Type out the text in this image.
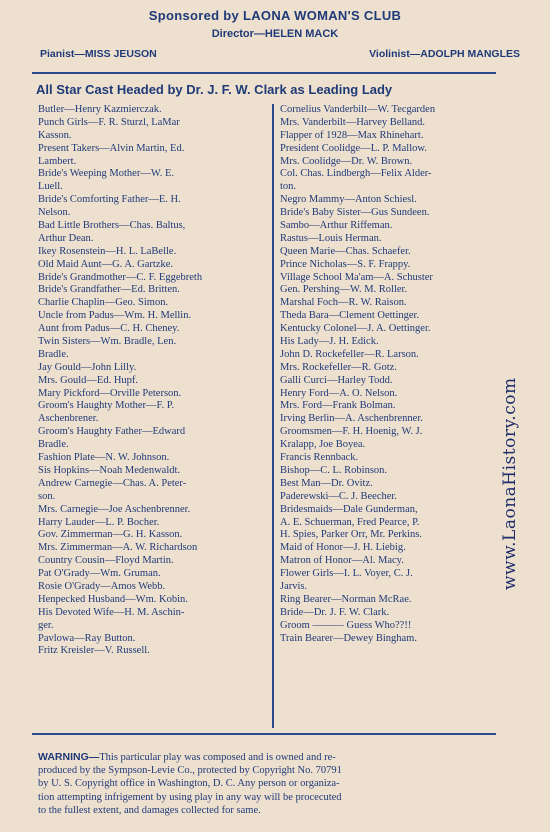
Sponsored by LAONA WOMAN'S CLUB
Director—HELEN MACK
Pianist—MISS JEUSON	Violinist—ADOLPH MANGLES
All Star Cast Headed by Dr. J. F. W. Clark as Leading Lady
Butler—Henry Kazmierczak.
Punch Girls—F. R. Sturzl, LaMar
Kasson.
Present Takers—Alvin Martin, Ed.
Lambert.
Bride's Weeping Mother—W. E.
Luell.
Bride's Comforting Father—E. H.
Nelson.
Bad Little Brothers—Chas. Baltus,
Arthur Dean.
Ikey Rosenstein—H. L. LaBelle.
Old Maid Aunt—G. A. Gartzke.
Bride's Grandmother—C. F. Eggebreth
Bride's Grandfather—Ed. Britten.
Charlie Chaplin—Geo. Simon.
Uncle from Padus—Wm. H. Mellin.
Aunt from Padus—C. H. Cheney.
Twin Sisters—Wm. Bradle, Len.
Bradle.
Jay Gould—John Lilly.
Mrs. Gould—Ed. Hupf.
Mary Pickford—Orville Peterson.
Groom's Haughty Mother—F. P.
Aschenbrener.
Groom's Haughty Father—Edward
Bradle.
Fashion Plate—N. W. Johnson.
Sis Hopkins—Noah Medenwaldt.
Andrew Carnegie—Chas. A. Peter-
son.
Mrs. Carnegie—Joe Aschenbrenner.
Harry Lauder—L. P. Bocher.
Gov. Zimmerman—G. H. Kasson.
Mrs. Zimmerman—A. W. Richardson
Country Cousin—Floyd Martin.
Pat O'Grady—Wm. Gruman.
Rosie O'Grady—Amos Webb.
Henpecked Husband—Wm. Kobin.
His Devoted Wife—H. M. Aschin-
ger.
Pavlowa—Ray Button.
Fritz Kreisler—V. Russell.
Cornelius Vanderbilt—W. Tecgarden
Mrs. Vanderbilt—Harvey Belland.
Flapper of 1928—Max Rhinehart.
President Coolidge—L. P. Mallow.
Mrs. Coolidge—Dr. W. Brown.
Col. Chas. Lindbergh—Felix Alder-
ton.
Negro Mammy—Anton Schiesl.
Bride's Baby Sister—Gus Sundeen.
Sambo—Arthur Riffeman.
Rastus—Louis Herman.
Queen Marie—Chas. Schaefer.
Prince Nicholas—S. F. Frappy.
Village School Ma'am—A. Schuster
Gen. Pershing—W. M. Roller.
Marshal Foch—R. W. Raison.
Theda Bara—Clement Oettinger.
Kentucky Colonel—J. A. Oettinger.
His Lady—J. H. Edick.
John D. Rockefeller—R. Larson.
Mrs. Rockefeller—R. Gotz.
Galli Curci—Harley Todd.
Henry Ford—A. O. Nelson.
Mrs. Ford—Frank Bolman.
Irving Berlin—A. Aschenbrenner.
Groomsmen—F. H. Hoenig, W. J.
Kralapp, Joe Boyea.
Francis Rennback.
Bishop—C. L. Robinson.
Best Man—Dr. Ovitz.
Paderewski—C. J. Beecher.
Bridesmaids—Dale Gunderman,
A. E. Schuerman, Fred Pearce, P.
H. Spies, Parker Orr, Mr. Perkins.
Maid of Honor—J. H. Liebig.
Matron of Honor—Al. Macy.
Flower Girls—I. L. Voyer, C. J.
Jarvis.
Ring Bearer—Norman McRae.
Bride—Dr. J. F. W. Clark.
Groom ——— Guess Who??!!
Train Bearer—Dewey Bingham.
WARNING—This particular play was composed and is owned and re-
produced by the Sympson-Levie Co., protected by Copyright No. 70791
by U. S. Copyright office in Washington, D. C. Any person or organiza-
tion attempting infrigement by using play in any way will be procecuted
to the fullest extent, and damages collected for same.
www.LaonaHistory.com
